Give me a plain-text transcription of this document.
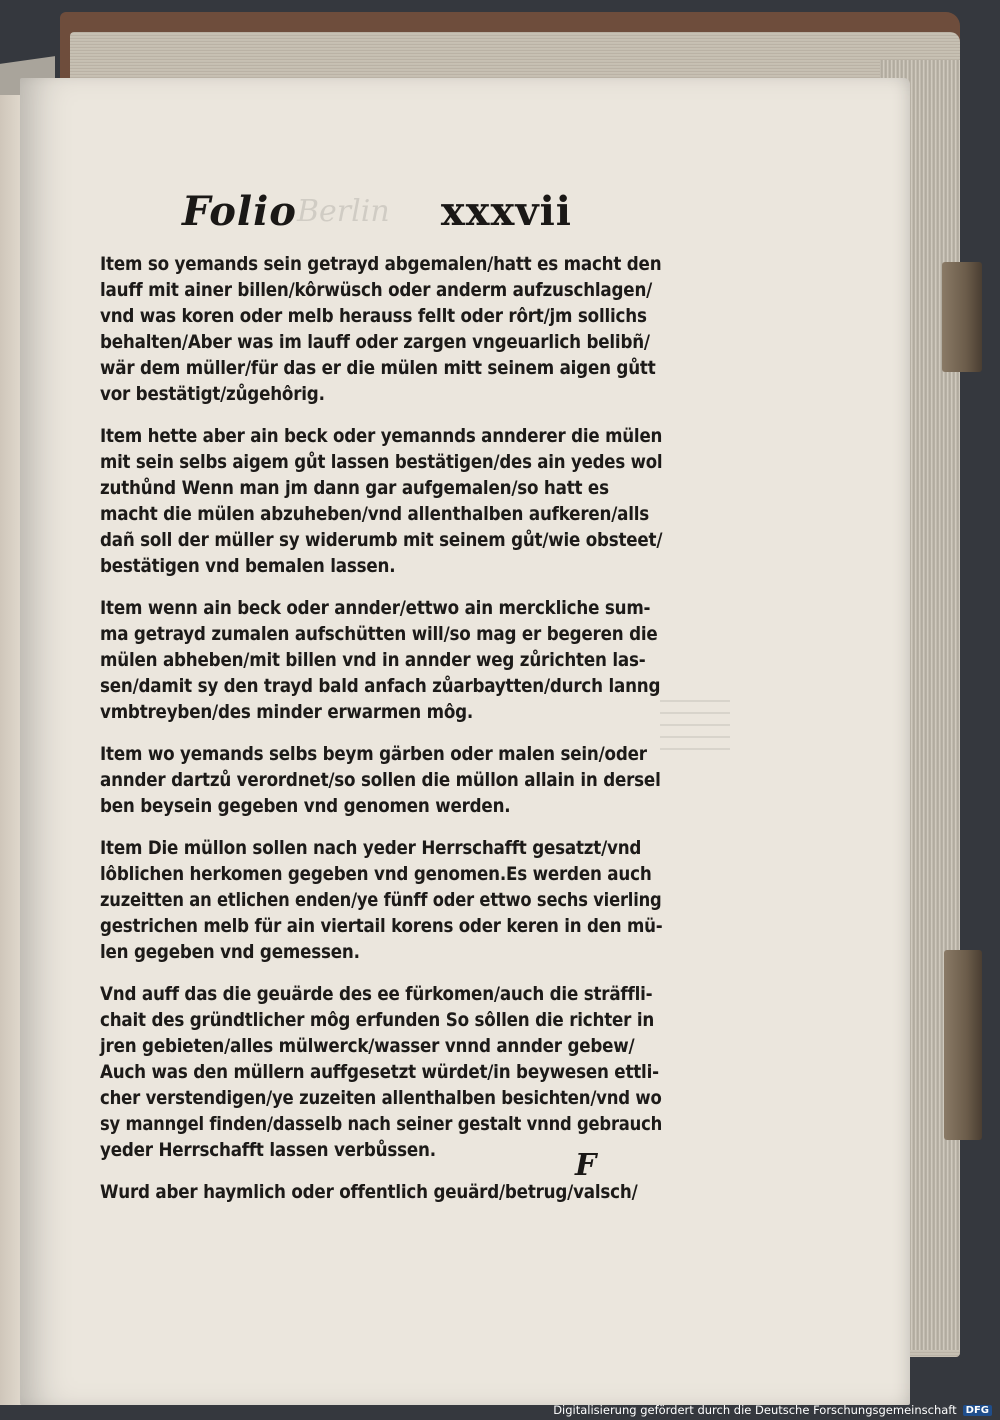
Folio Berlin xxxvii
Item so yemands sein getrayd abgemalen/hatt es macht den
lauff mit ainer billen/kôrwüsch oder anderm aufzuschlagen/
vnd was koren oder melb herauss fellt oder rôrt/jm sollichs
behalten/Aber was im lauff oder zargen vngeuarlich belibñ/
wär dem müller/für das er die mülen mitt seinem aigen gůtt
vor bestätigt/zůgehôrig.
Item hette aber ain beck oder yemannds annderer die mülen
mit sein selbs aigem gůt lassen bestätigen/des ain yedes wol
zuthůnd Wenn man jm dann gar aufgemalen/so hatt es
macht die mülen abzuheben/vnd allenthalben aufkeren/alls
dañ soll der müller sy widerumb mit seinem gůt/wie obsteet/
bestätigen vnd bemalen lassen.
Item wenn ain beck oder annder/ettwo ain merckliche sum-
ma getrayd zumalen aufschütten will/so mag er begeren die
mülen abheben/mit billen vnd in annder weg zůrichten las-
sen/damit sy den trayd bald anfach zůarbaytten/durch lanng
vmbtreyben/des minder erwarmen môg.
Item wo yemands selbs beym gärben oder malen sein/oder
annder dartzů verordnet/so sollen die müllon allain in dersel
ben beysein gegeben vnd genomen werden.
Item Die müllon sollen nach yeder Herrschafft gesatzt/vnd
lôblichen herkomen gegeben vnd genomen.Es werden auch
zuzeitten an etlichen enden/ye fünff oder ettwo sechs vierling
gestrichen melb für ain viertail korens oder keren in den mü-
len gegeben vnd gemessen.
Vnd auff das die geuärde des ee fürkomen/auch die sträffli-
chait des gründtlicher môg erfunden So sôllen die richter in
jren gebieten/alles mülwerck/wasser vnnd annder gebew/
Auch was den müllern auffgesetzt würdet/in beywesen ettli-
cher verstendigen/ye zuzeiten allenthalben besichten/vnd wo
sy manngel finden/dasselb nach seiner gestalt vnnd gebrauch
yeder Herrschafft lassen verbůssen.
Wurd aber haymlich oder offentlich geuärd/betrug/valsch/
F
Digitalisierung gefördert durch die Deutsche Forschungsgemeinschaft DFG
